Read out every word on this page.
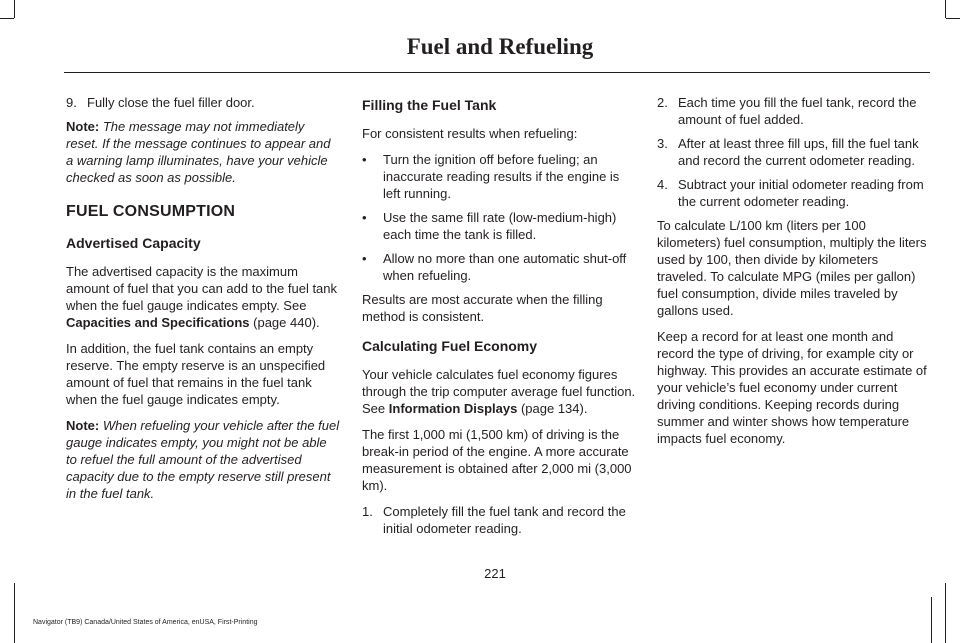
Fuel and Refueling
9. Fully close the fuel filler door.

Note: The message may not immediately reset. If the message continues to appear and a warning lamp illuminates, have your vehicle checked as soon as possible.

FUEL CONSUMPTION
Advertised Capacity

The advertised capacity is the maximum amount of fuel that you can add to the fuel tank when the fuel gauge indicates empty. See Capacities and Specifications (page 440).

In addition, the fuel tank contains an empty reserve. The empty reserve is an unspecified amount of fuel that remains in the fuel tank when the fuel gauge indicates empty.

Note: When refueling your vehicle after the fuel gauge indicates empty, you might not be able to refuel the full amount of the advertised capacity due to the empty reserve still present in the fuel tank.

Filling the Fuel Tank

For consistent results when refueling:

•	Turn the ignition off before fueling; an inaccurate reading results if the engine is left running.
•	Use the same fill rate (low-medium-high) each time the tank is filled.
•	Allow no more than one automatic shut-off when refueling.

Results are most accurate when the filling method is consistent.

Calculating Fuel Economy

Your vehicle calculates fuel economy figures through the trip computer average fuel function. See Information Displays (page 134).

The first 1,000 mi (1,500 km) of driving is the break-in period of the engine. A more accurate measurement is obtained after 2,000 mi (3,000 km).

1. Completely fill the fuel tank and record the initial odometer reading.
2. Each time you fill the fuel tank, record the amount of fuel added.
3. After at least three fill ups, fill the fuel tank and record the current odometer reading.
4. Subtract your initial odometer reading from the current odometer reading.

To calculate L/100 km (liters per 100 kilometers) fuel consumption, multiply the liters used by 100, then divide by kilometers traveled. To calculate MPG (miles per gallon) fuel consumption, divide miles traveled by gallons used.

Keep a record for at least one month and record the type of driving, for example city or highway. This provides an accurate estimate of your vehicle’s fuel economy under current driving conditions. Keeping records during summer and winter shows how temperature impacts fuel economy.

221
Navigator (TB9) Canada/United States of America, enUSA, First-Printing
